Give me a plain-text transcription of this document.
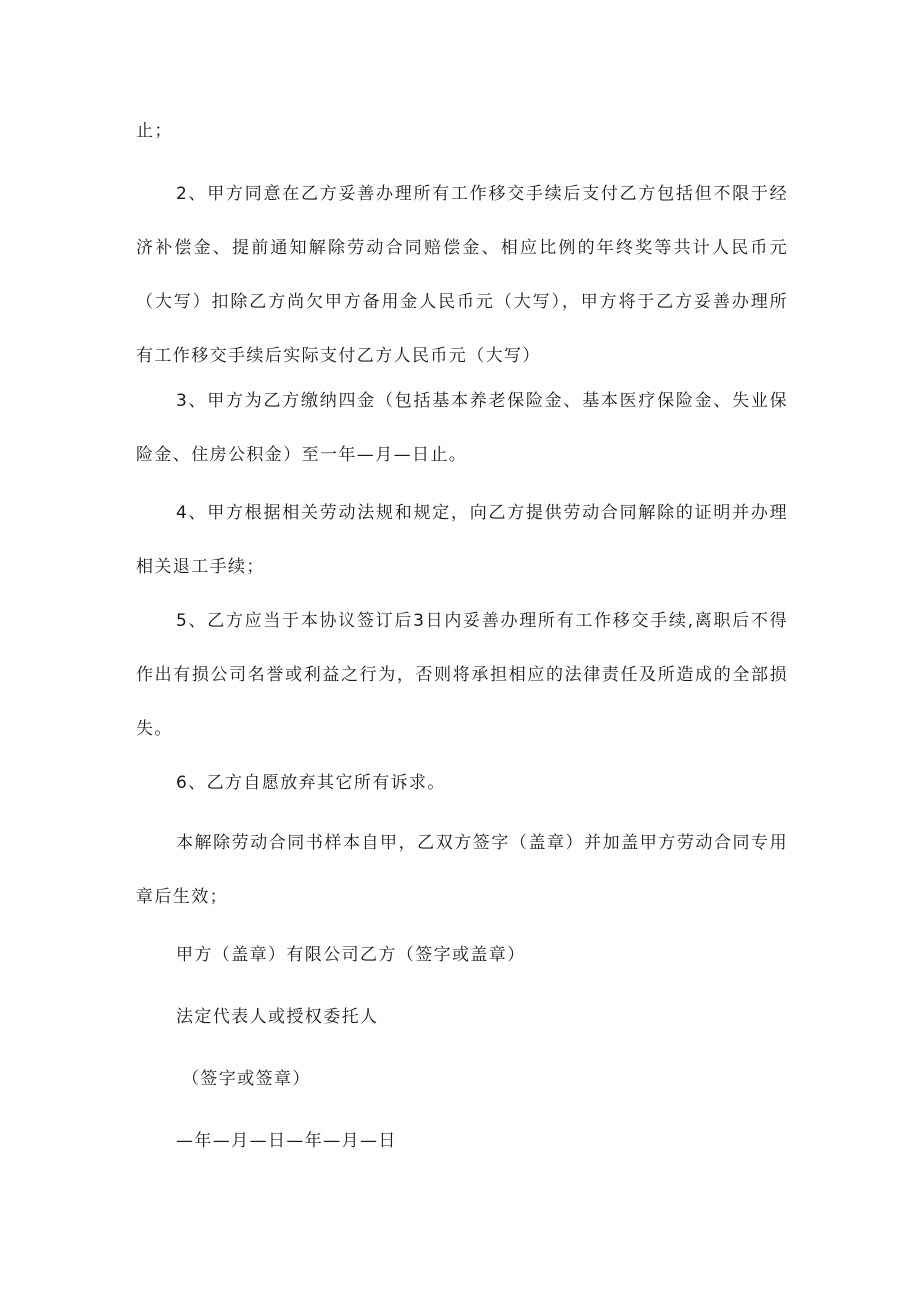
止；

2、甲方同意在乙方妥善办理所有工作移交手续后支付乙方包括但不限于经济补偿金、提前通知解除劳动合同赔偿金、相应比例的年终奖等共计人民币元（大写）扣除乙方尚欠甲方备用金人民币元（大写），甲方将于乙方妥善办理所有工作移交手续后实际支付乙方人民币元（大写）

3、甲方为乙方缴纳四金（包括基本养老保险金、基本医疗保险金、失业保险金、住房公积金）至一年—月—日止。

4、甲方根据相关劳动法规和规定，向乙方提供劳动合同解除的证明并办理相关退工手续；

5、乙方应当于本协议签订后3日内妥善办理所有工作移交手续,离职后不得作出有损公司名誉或利益之行为，否则将承担相应的法律责任及所造成的全部损失。

6、乙方自愿放弃其它所有诉求。

本解除劳动合同书样本自甲，乙双方签字（盖章）并加盖甲方劳动合同专用章后生效；

甲方（盖章）有限公司乙方（签字或盖章）

法定代表人或授权委托人

（签字或签章）

—年—月—日—年—月—日
